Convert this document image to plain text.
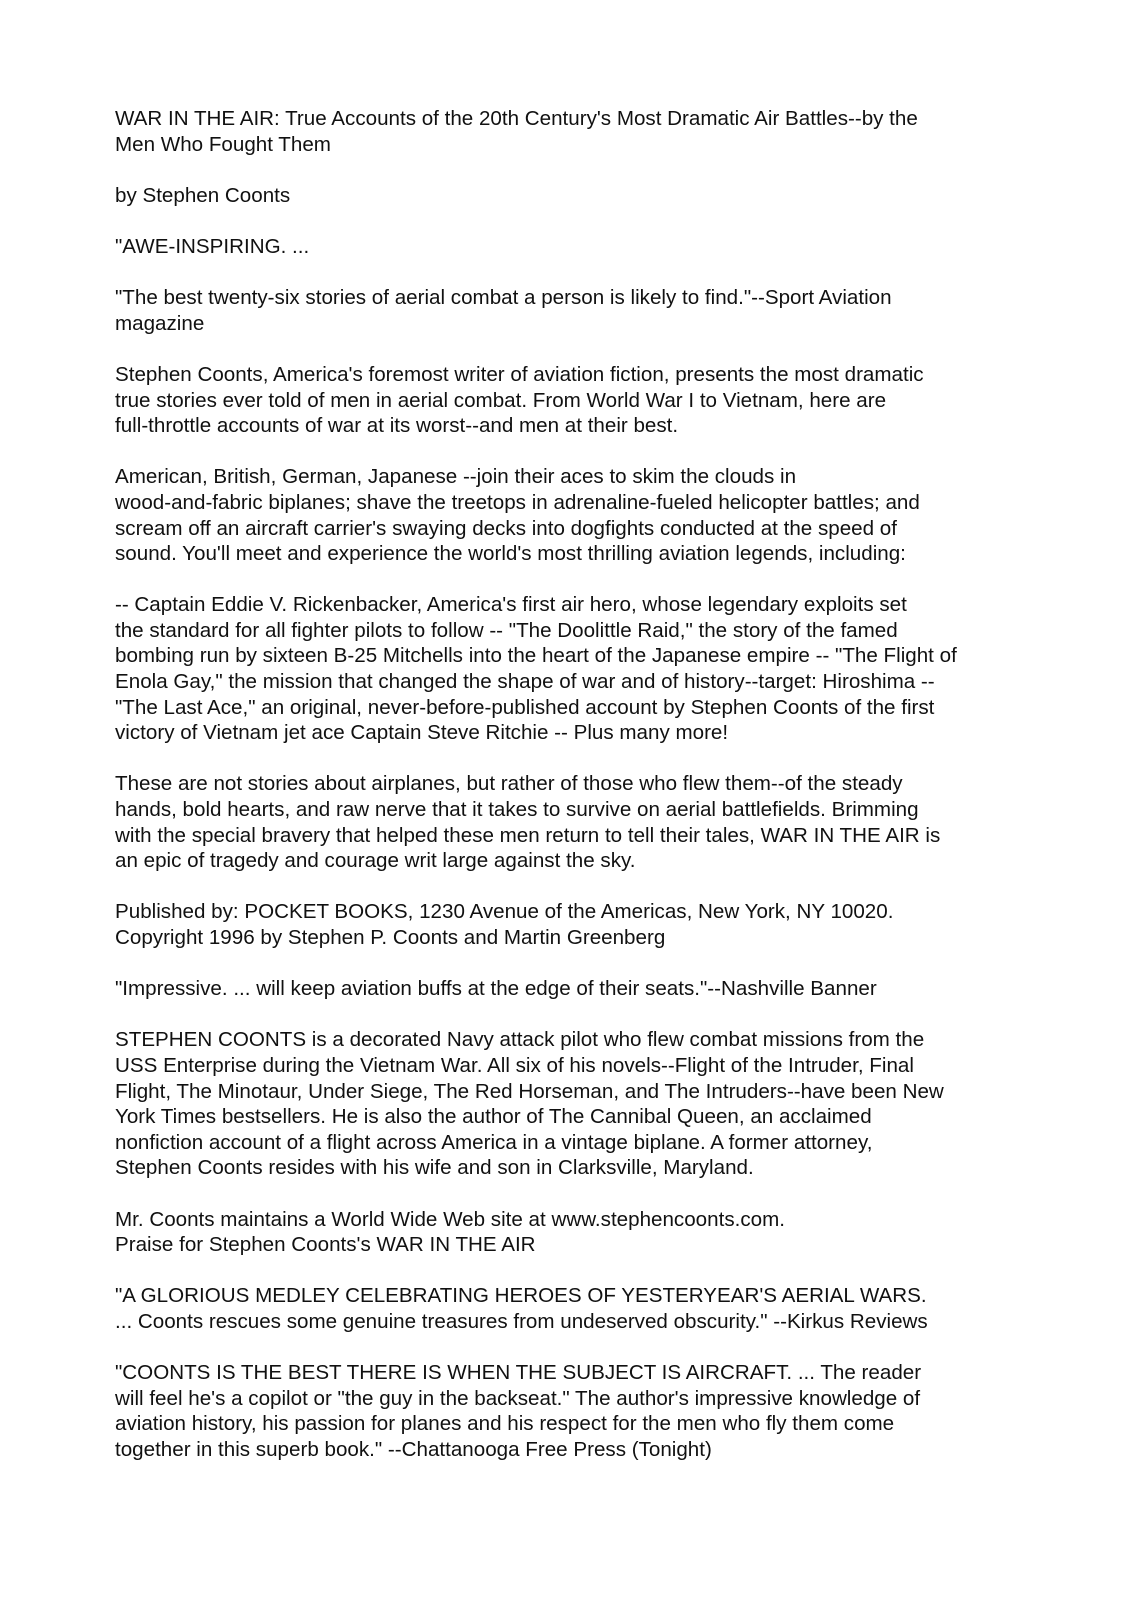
WAR IN THE AIR: True Accounts of the 20th Century's Most Dramatic Air Battles--by the
Men Who Fought Them

by Stephen Coonts

"AWE-INSPIRING. ...

"The best twenty-six stories of aerial combat a person is likely to find."--Sport Aviation
magazine

Stephen Coonts, America's foremost writer of aviation fiction, presents the most dramatic
true stories ever told of men in aerial combat. From World War I to Vietnam, here are
full-throttle accounts of war at its worst--and men at their best.

American, British, German, Japanese --join their aces to skim the clouds in
wood-and-fabric biplanes; shave the treetops in adrenaline-fueled helicopter battles; and
scream off an aircraft carrier's swaying decks into dogfights conducted at the speed of
sound. You'll meet and experience the world's most thrilling aviation legends, including:

-- Captain Eddie V. Rickenbacker, America's first air hero, whose legendary exploits set
the standard for all fighter pilots to follow -- "The Doolittle Raid," the story of the famed
bombing run by sixteen B-25 Mitchells into the heart of the Japanese empire -- "The Flight of
Enola Gay," the mission that changed the shape of war and of history--target: Hiroshima --
"The Last Ace," an original, never-before-published account by Stephen Coonts of the first
victory of Vietnam jet ace Captain Steve Ritchie -- Plus many more!

These are not stories about airplanes, but rather of those who flew them--of the steady
hands, bold hearts, and raw nerve that it takes to survive on aerial battlefields. Brimming
with the special bravery that helped these men return to tell their tales, WAR IN THE AIR is
an epic of tragedy and courage writ large against the sky.

Published by: POCKET BOOKS, 1230 Avenue of the Americas, New York, NY 10020.
Copyright 1996 by Stephen P. Coonts and Martin Greenberg

"Impressive. ... will keep aviation buffs at the edge of their seats."--Nashville Banner

STEPHEN COONTS is a decorated Navy attack pilot who flew combat missions from the
USS Enterprise during the Vietnam War. All six of his novels--Flight of the Intruder, Final
Flight, The Minotaur, Under Siege, The Red Horseman, and The Intruders--have been New
York Times bestsellers. He is also the author of The Cannibal Queen, an acclaimed
nonfiction account of a flight across America in a vintage biplane. A former attorney,
Stephen Coonts resides with his wife and son in Clarksville, Maryland.

Mr. Coonts maintains a World Wide Web site at www.stephencoonts.com.

Praise for Stephen Coonts's WAR IN THE AIR

"A GLORIOUS MEDLEY CELEBRATING HEROES OF YESTERYEAR'S AERIAL WARS.
... Coonts rescues some genuine treasures from undeserved obscurity." --Kirkus Reviews

"COONTS IS THE BEST THERE IS WHEN THE SUBJECT IS AIRCRAFT. ... The reader
will feel he's a copilot or "the guy in the backseat." The author's impressive knowledge of
aviation history, his passion for planes and his respect for the men who fly them come
together in this superb book." --Chattanooga Free Press (Tonight)
